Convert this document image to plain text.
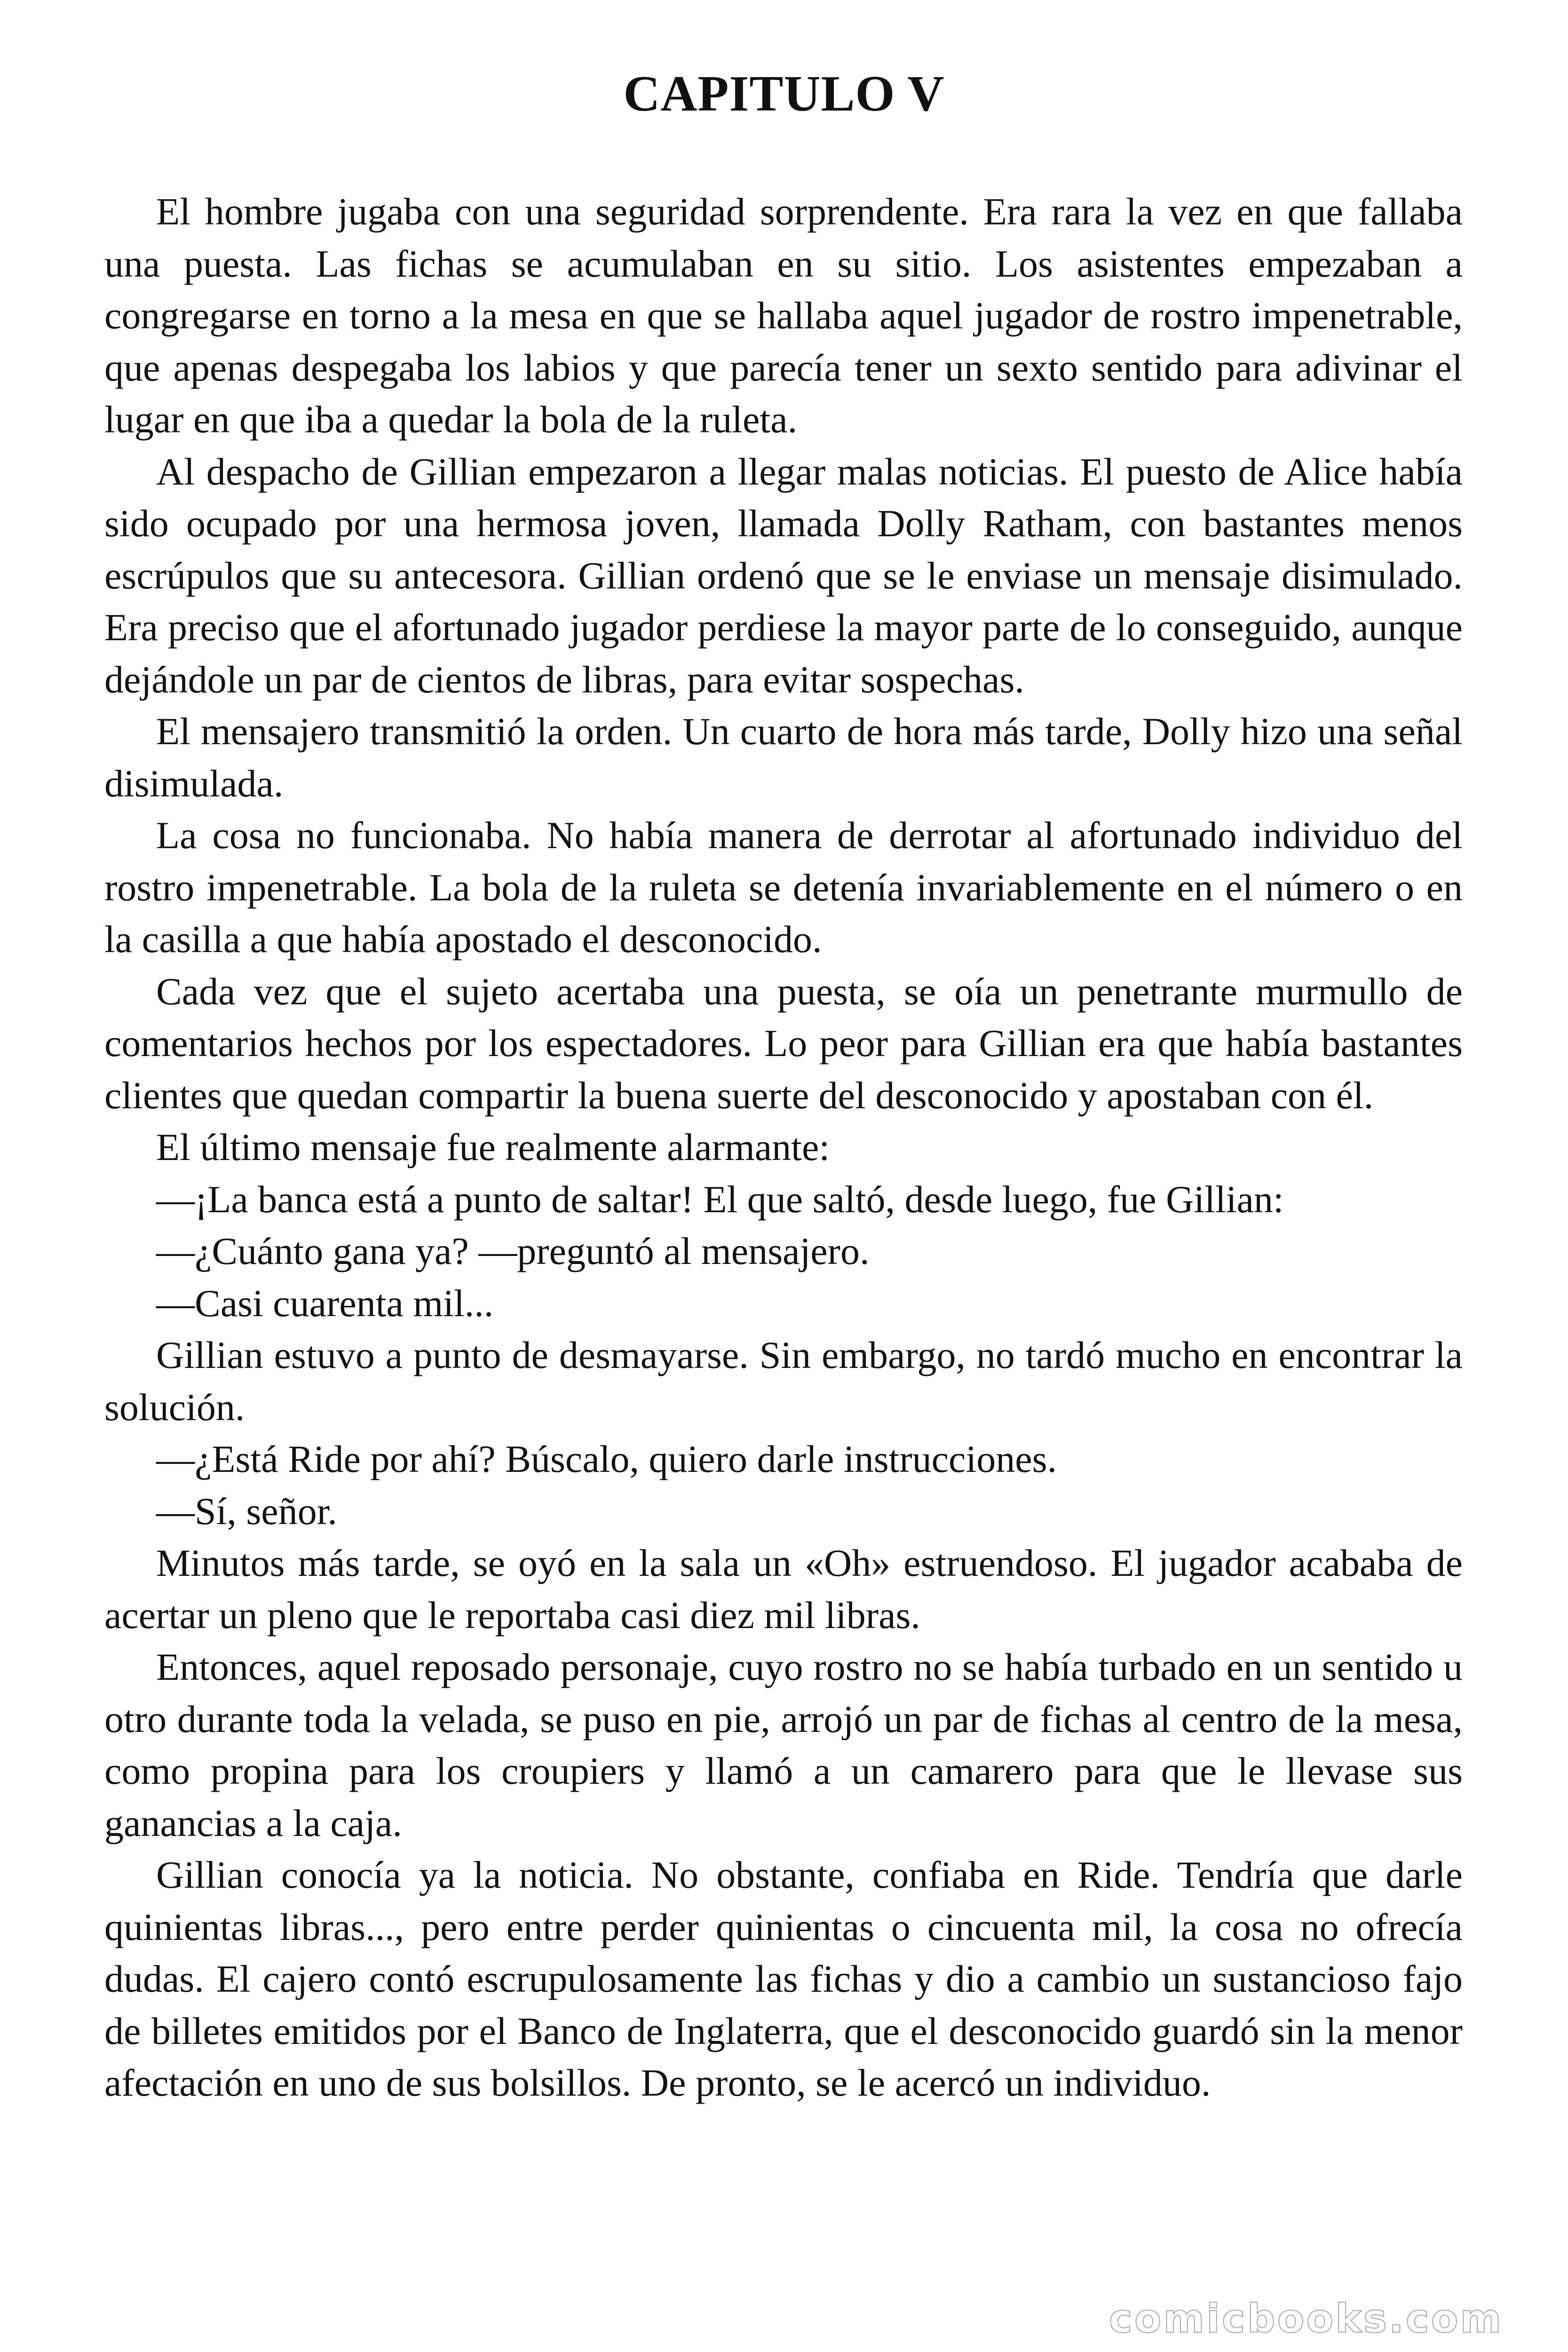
CAPITULO V

El hombre jugaba con una seguridad sorprendente. Era rara la vez en que fallaba una puesta. Las fichas se acumulaban en su sitio. Los asistentes empezaban a congregarse en torno a la mesa en que se hallaba aquel jugador de rostro impenetrable, que apenas despegaba los labios y que parecía tener un sexto sentido para adivinar el lugar en que iba a quedar la bola de la ruleta.

Al despacho de Gillian empezaron a llegar malas noticias. El puesto de Alice había sido ocupado por una hermosa joven, llamada Dolly Ratham, con bastantes menos escrúpulos que su antecesora. Gillian ordenó que se le enviase un mensaje disimulado. Era preciso que el afortunado jugador perdiese la mayor parte de lo conseguido, aunque dejándole un par de cientos de libras, para evitar sospechas.

El mensajero transmitió la orden. Un cuarto de hora más tarde, Dolly hizo una señal disimulada.

La cosa no funcionaba. No había manera de derrotar al afortunado individuo del rostro impenetrable. La bola de la ruleta se detenía invariablemente en el número o en la casilla a que había apostado el desconocido.

Cada vez que el sujeto acertaba una puesta, se oía un penetrante murmullo de comentarios hechos por los espectadores. Lo peor para Gillian era que había bastantes clientes que quedan compartir la buena suerte del desconocido y apostaban con él.

El último mensaje fue realmente alarmante:

—¡La banca está a punto de saltar! El que saltó, desde luego, fue Gillian:

—¿Cuánto gana ya? —preguntó al mensajero.

—Casi cuarenta mil...

Gillian estuvo a punto de desmayarse. Sin embargo, no tardó mucho en encontrar la solución.

—¿Está Ride por ahí? Búscalo, quiero darle instrucciones.

—Sí, señor.

Minutos más tarde, se oyó en la sala un «Oh» estruendoso. El jugador acababa de acertar un pleno que le reportaba casi diez mil libras.

Entonces, aquel reposado personaje, cuyo rostro no se había turbado en un sentido u otro durante toda la velada, se puso en pie, arrojó un par de fichas al centro de la mesa, como propina para los croupiers y llamó a un camarero para que le llevase sus ganancias a la caja.

Gillian conocía ya la noticia. No obstante, confiaba en Ride. Tendría que darle quinientas libras..., pero entre perder quinientas o cincuenta mil, la cosa no ofrecía dudas. El cajero contó escrupulosamente las fichas y dio a cambio un sustancioso fajo de billetes emitidos por el Banco de Inglaterra, que el desconocido guardó sin la menor afectación en uno de sus bolsillos. De pronto, se le acercó un individuo.

comicbooks.com
